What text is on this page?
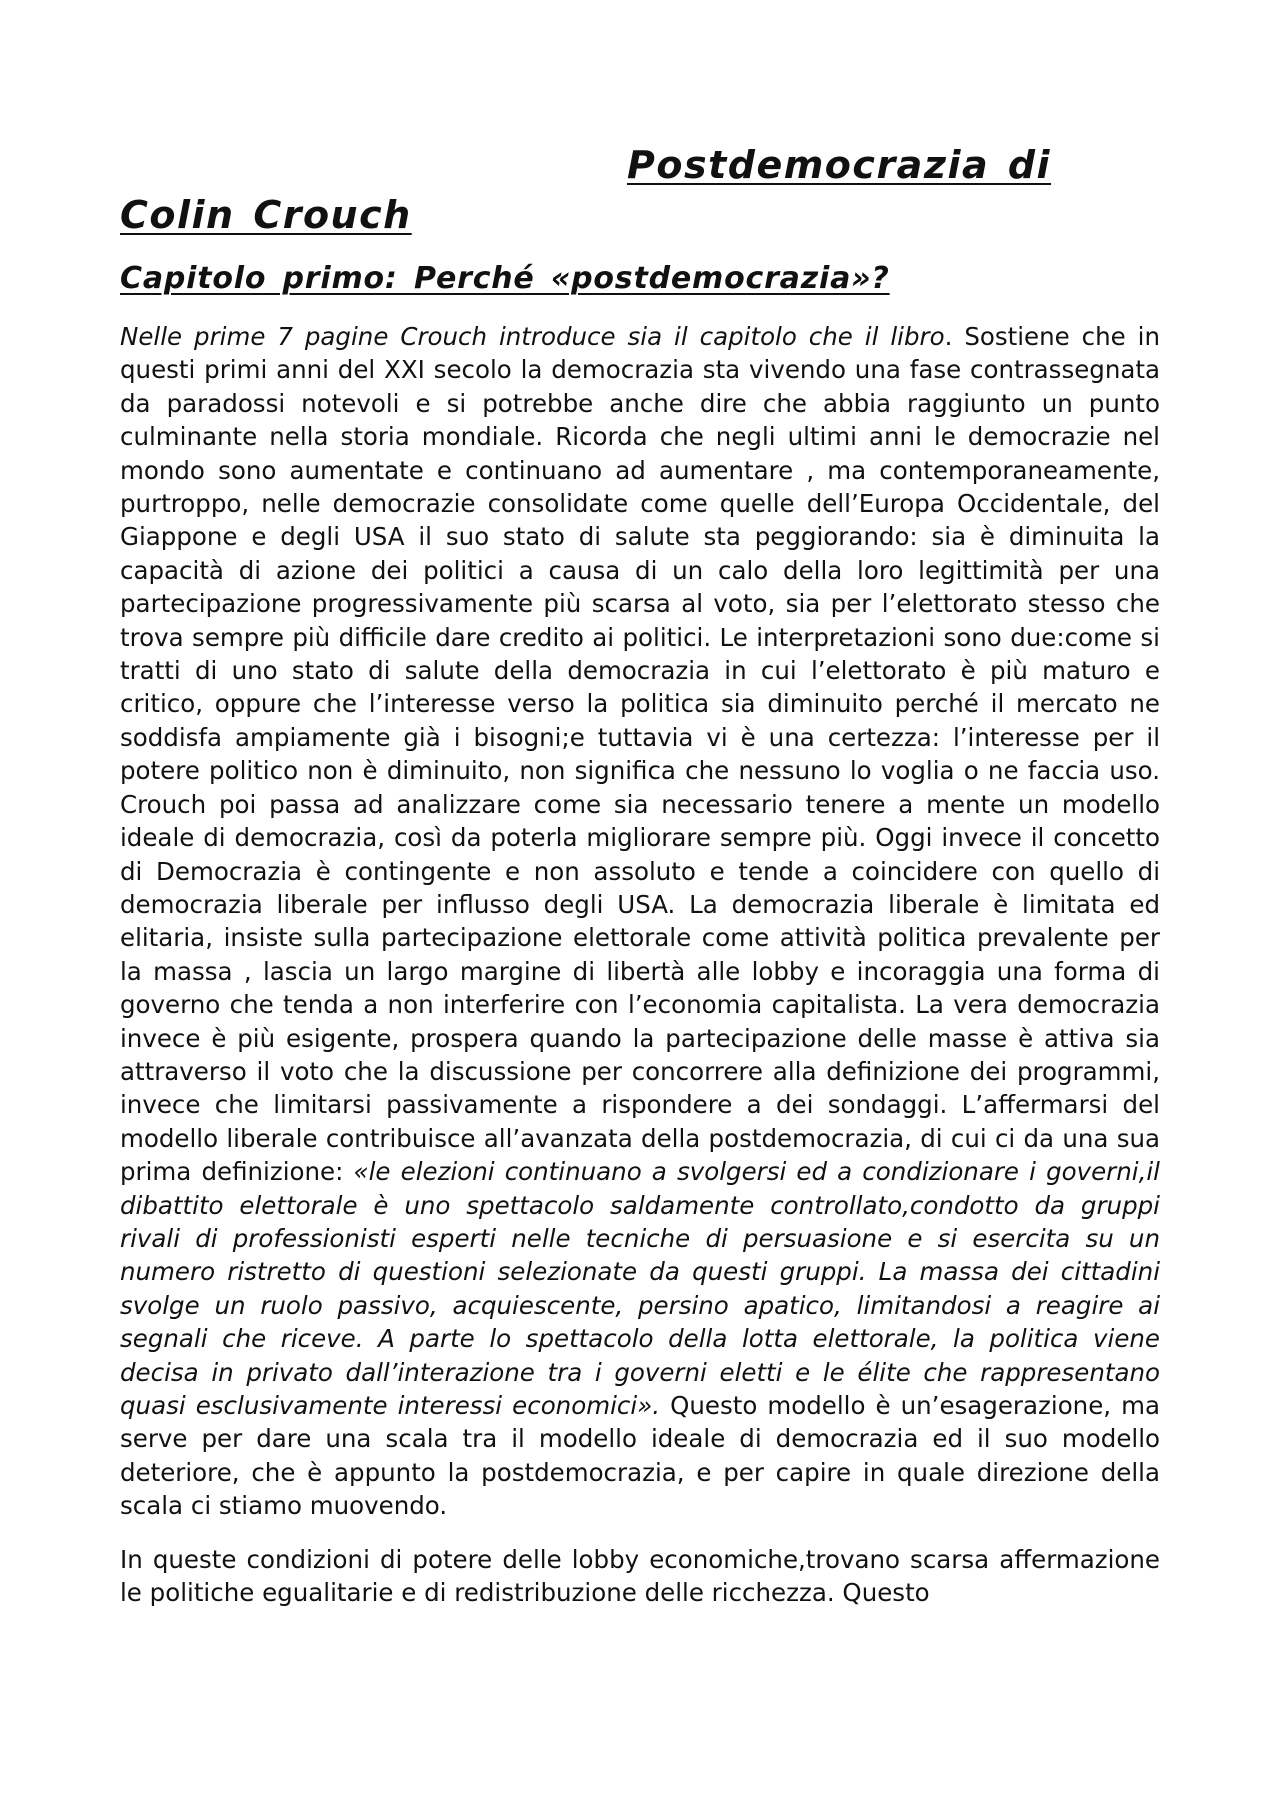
Postdemocrazia di Colin Crouch
Capitolo primo: Perché «postdemocrazia»?

Nelle prime 7 pagine Crouch introduce sia il capitolo che il libro. Sostiene che in questi primi anni del XXI secolo la democrazia sta vivendo una fase contrassegnata da paradossi notevoli e si potrebbe anche dire che abbia raggiunto un punto culminante nella storia mondiale. Ricorda che negli ultimi anni le democrazie nel mondo sono aumentate e continuano ad aumentare , ma contemporaneamente, purtroppo, nelle democrazie consolidate come quelle dell’Europa Occidentale, del Giappone e degli USA il suo stato di salute sta peggiorando: sia è diminuita la capacità di azione dei politici a causa di un calo della loro legittimità per una partecipazione progressivamente più scarsa al voto, sia per l’elettorato stesso che trova sempre più difficile dare credito ai politici. Le interpretazioni sono due:come si tratti di uno stato di salute della democrazia in cui l’elettorato è più maturo e critico, oppure che l’interesse verso la politica sia diminuito perché il mercato ne soddisfa ampiamente già i bisogni;e tuttavia vi è una certezza: l’interesse per il potere politico non è diminuito, non significa che nessuno lo voglia o ne faccia uso. Crouch poi passa ad analizzare come sia necessario tenere a mente un modello ideale di democrazia, così da poterla migliorare sempre più. Oggi invece il concetto di Democrazia è contingente e non assoluto e tende a coincidere con quello di democrazia liberale per influsso degli USA. La democrazia liberale è limitata ed elitaria, insiste sulla partecipazione elettorale come attività politica prevalente per la massa , lascia un largo margine di libertà alle lobby e incoraggia una forma di governo che tenda a non interferire con l’economia capitalista. La vera democrazia invece è più esigente, prospera quando la partecipazione delle masse è attiva sia attraverso il voto che la discussione per concorrere alla definizione dei programmi, invece che limitarsi passivamente a rispondere a dei sondaggi. L’affermarsi del modello liberale contribuisce all’avanzata della postdemocrazia, di cui ci da una sua prima definizione: «le elezioni continuano a svolgersi ed a condizionare i governi,il dibattito elettorale è uno spettacolo saldamente controllato,condotto da gruppi rivali di professionisti esperti nelle tecniche di persuasione e si esercita su un numero ristretto di questioni selezionate da questi gruppi. La massa dei cittadini svolge un ruolo passivo, acquiescente, persino apatico, limitandosi a reagire ai segnali che riceve. A parte lo spettacolo della lotta elettorale, la politica viene decisa in privato dall’interazione tra i governi eletti e le élite che rappresentano quasi esclusivamente interessi economici». Questo modello è un’esagerazione, ma serve per dare una scala tra il modello ideale di democrazia ed il suo modello deteriore, che è appunto la postdemocrazia, e per capire in quale direzione della scala ci stiamo muovendo.

In queste condizioni di potere delle lobby economiche,trovano scarsa affermazione le politiche egualitarie e di redistribuzione delle ricchezza. Questo
